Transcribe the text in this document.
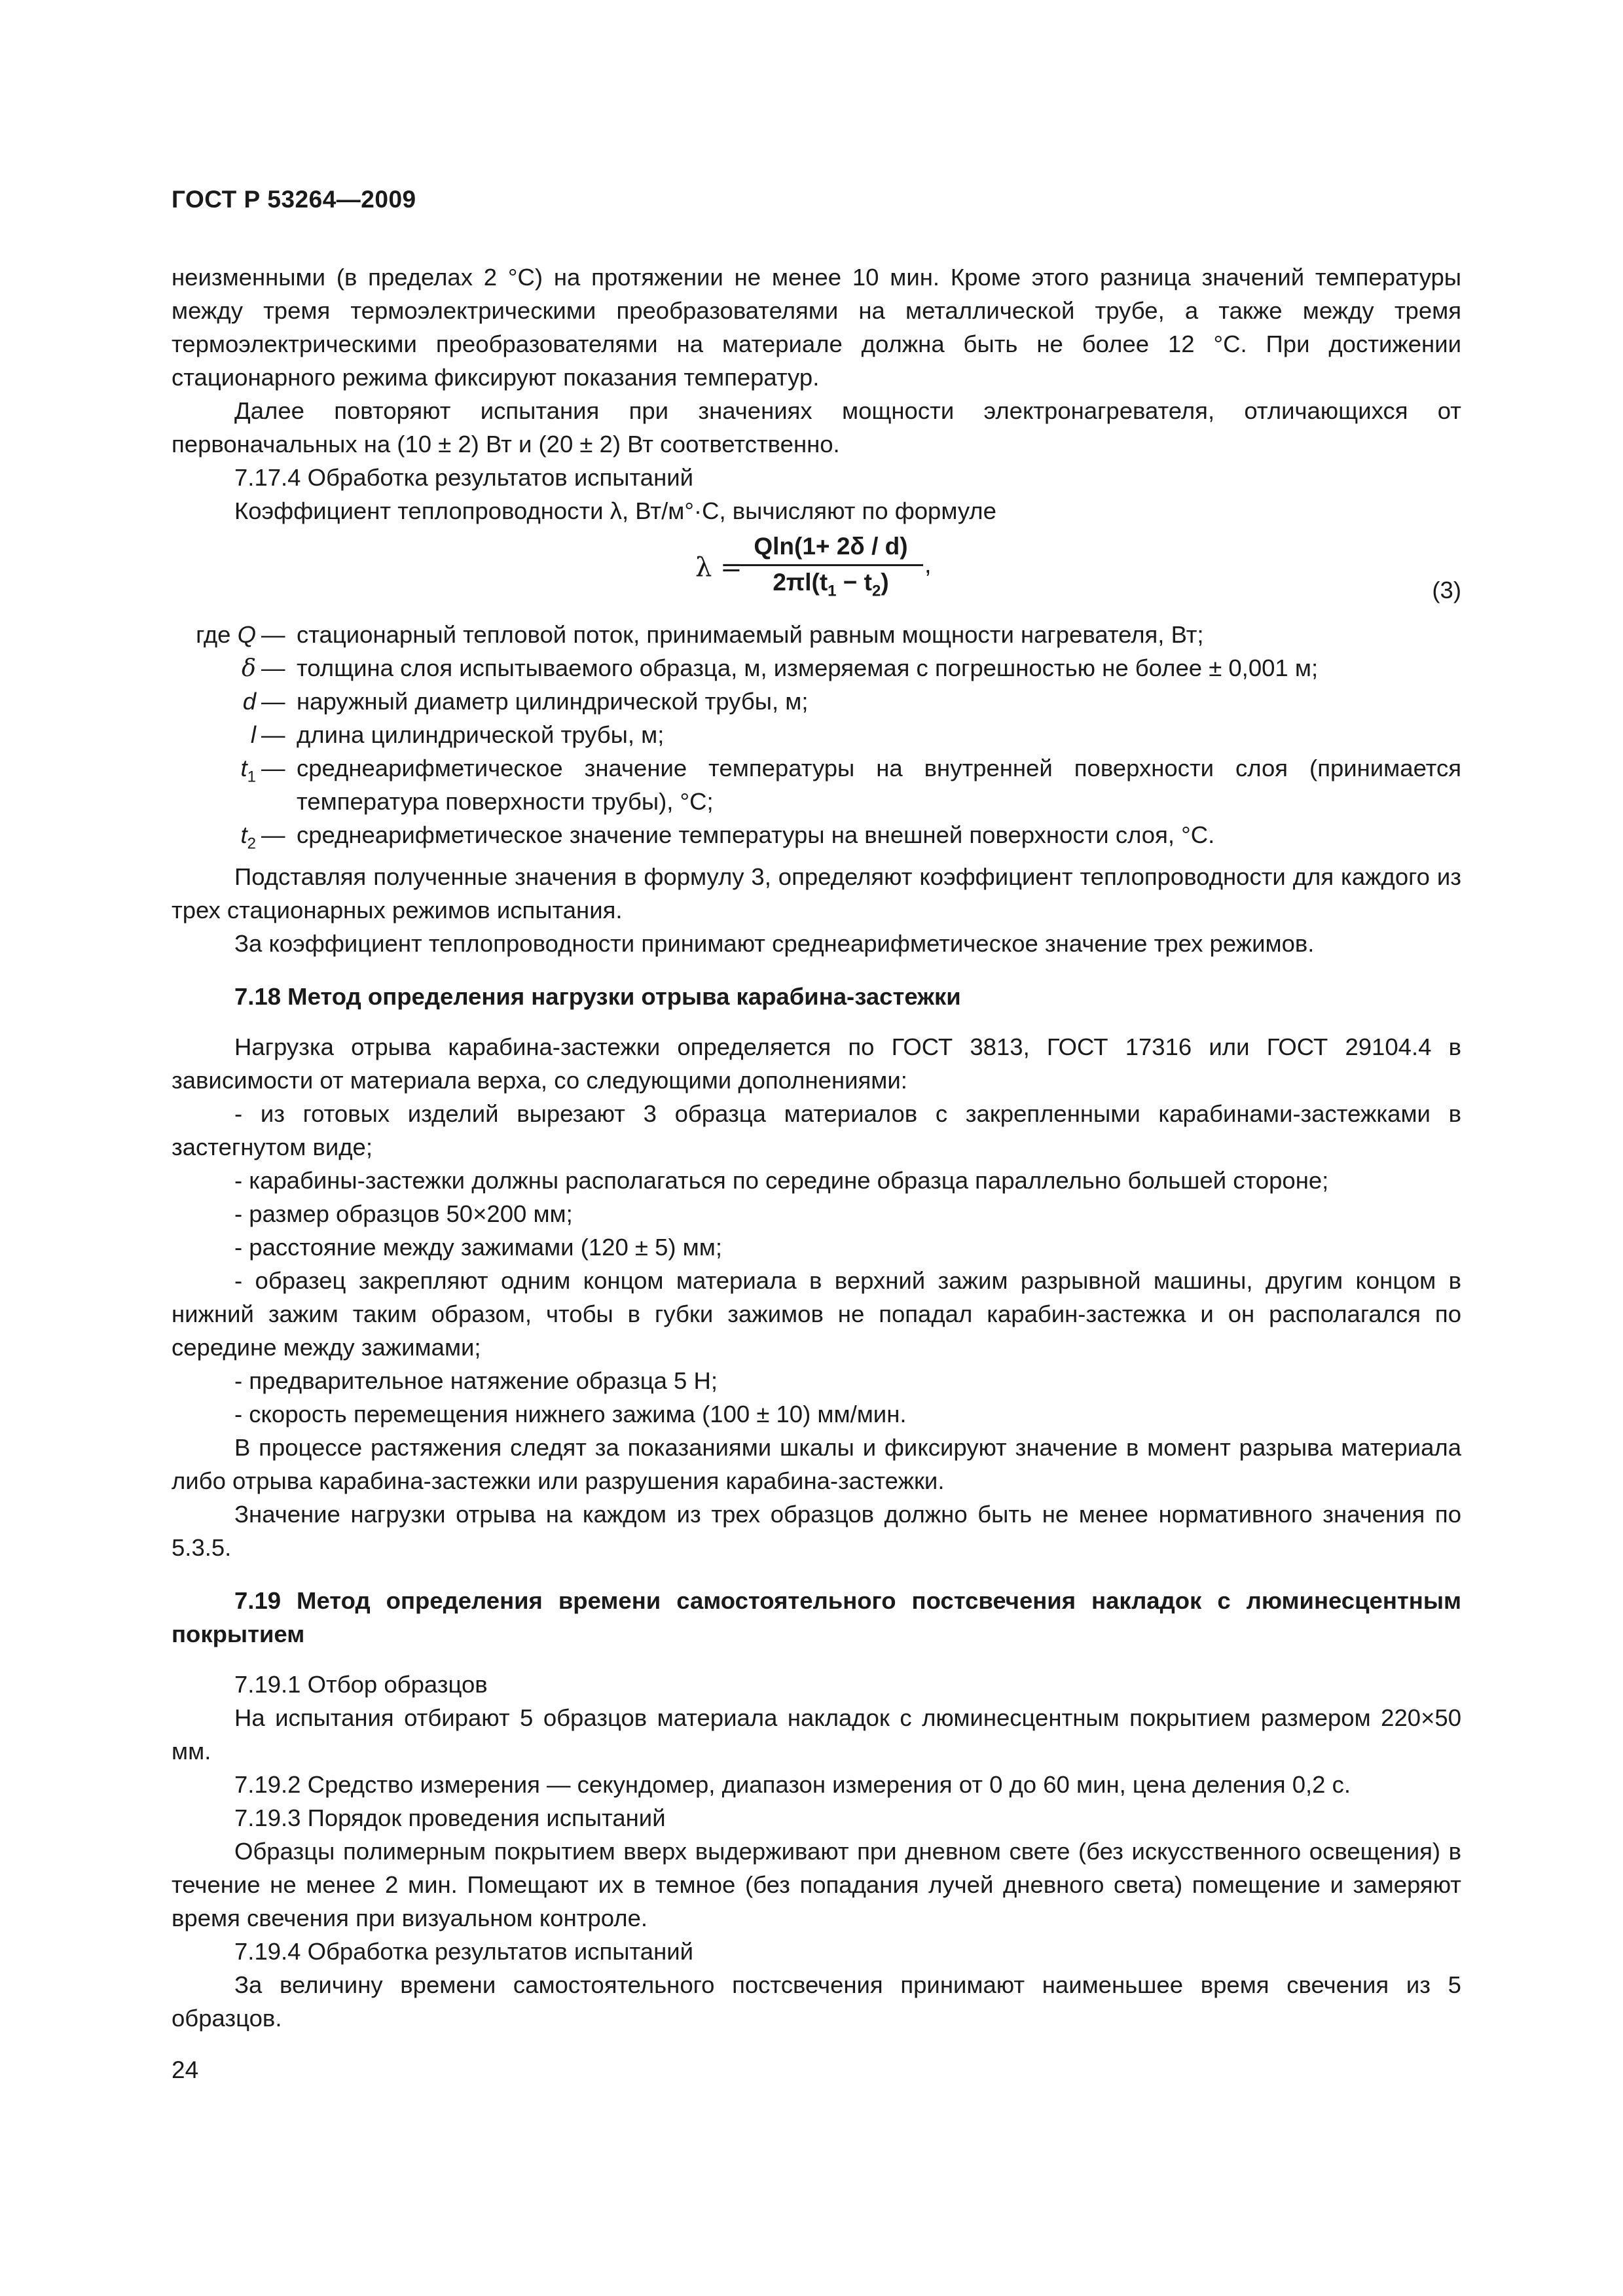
ГОСТ Р 53264—2009

неизменными (в пределах 2 °С) на протяжении не менее 10 мин. Кроме этого разница значений температуры между тремя термоэлектрическими преобразователями на металлической трубе, а также между тремя термоэлектрическими преобразователями на материале должна быть не более 12 °С. При достижении стационарного режима фиксируют показания температур.

Далее повторяют испытания при значениях мощности электронагревателя, отличающихся от первоначальных на (10 ± 2) Вт и (20 ± 2) Вт соответственно.

7.17.4 Обработка результатов испытаний

Коэффициент теплопроводности λ, Вт/м°·С, вычисляют по формуле

λ =
Qln(1+ 2δ / d)
$2\pi l(t_1 - t_2)$
,
(3)
где Q — стационарный тепловой поток, принимаемый равным мощности нагревателя, Вт;
δ — толщина слоя испытываемого образца, м, измеряемая с погрешностью не более ± 0,001 м;
d — наружный диаметр цилиндрической трубы, м;
l — длина цилиндрической трубы, м;
$t_1$ — среднеарифметическое значение температуры на внутренней поверхности слоя (принимается температура поверхности трубы), °С;
$t_2$ — среднеарифметическое значение температуры на внешней поверхности слоя, °С.

Подставляя полученные значения в формулу 3, определяют коэффициент теплопроводности для каждого из трех стационарных режимов испытания.

За коэффициент теплопроводности принимают среднеарифметическое значение трех режимов.

7.18 Метод определения нагрузки отрыва карабина-застежки

Нагрузка отрыва карабина-застежки определяется по ГОСТ 3813, ГОСТ 17316 или ГОСТ 29104.4 в зависимости от материала верха, со следующими дополнениями:

- из готовых изделий вырезают 3 образца материалов с закрепленными карабинами-застежками в застегнутом виде;

- карабины-застежки должны располагаться по середине образца параллельно большей стороне;

- размер образцов 50×200 мм;

- расстояние между зажимами (120 ± 5) мм;

- образец закрепляют одним концом материала в верхний зажим разрывной машины, другим концом в нижний зажим таким образом, чтобы в губки зажимов не попадал карабин-застежка и он располагался по середине между зажимами;

- предварительное натяжение образца 5 Н;

- скорость перемещения нижнего зажима (100 ± 10) мм/мин.

В процессе растяжения следят за показаниями шкалы и фиксируют значение в момент разрыва материала либо отрыва карабина-застежки или разрушения карабина-застежки.

Значение нагрузки отрыва на каждом из трех образцов должно быть не менее нормативного значения по 5.3.5.

7.19 Метод определения времени самостоятельного постсвечения накладок с люминесцентным покрытием

7.19.1 Отбор образцов

На испытания отбирают 5 образцов материала накладок с люминесцентным покрытием размером 220×50 мм.

7.19.2 Средство измерения — секундомер, диапазон измерения от 0 до 60 мин, цена деления 0,2 с.

7.19.3 Порядок проведения испытаний

Образцы полимерным покрытием вверх выдерживают при дневном свете (без искусственного освещения) в течение не менее 2 мин. Помещают их в темное (без попадания лучей дневного света) помещение и замеряют время свечения при визуальном контроле.

7.19.4 Обработка результатов испытаний

За величину времени самостоятельного постсвечения принимают наименьшее время свечения из 5 образцов.

24
